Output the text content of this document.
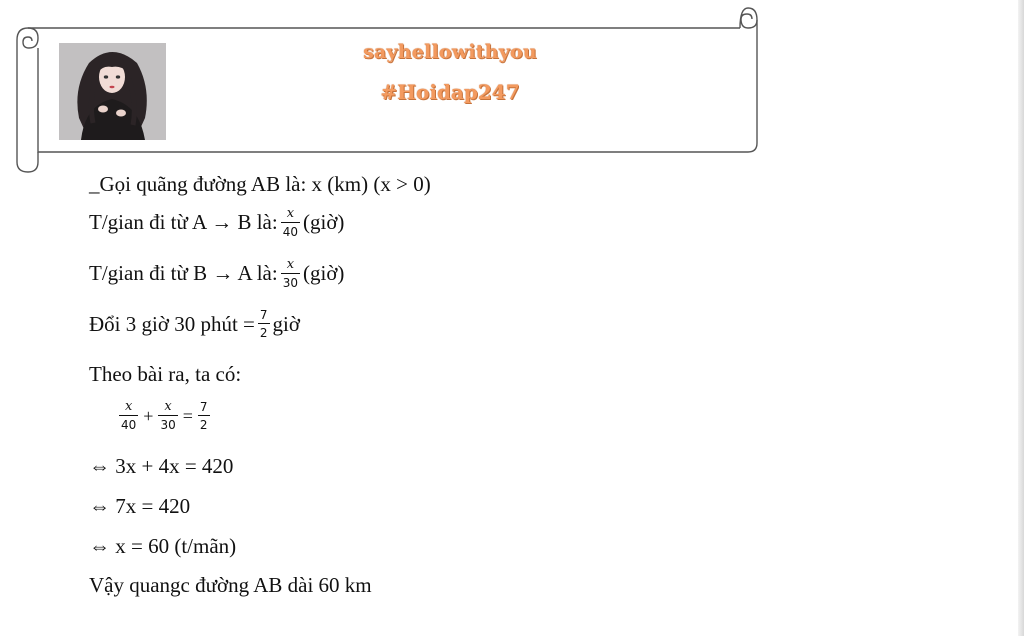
sayhellowithyou
#Hoidap247
_Gọi quãng đường AB là: x (km) (x > 0)
T/gian đi từ A → B là: $\frac{x}{40}$ (giờ)
T/gian đi từ B → A là: $\frac{x}{30}$ (giờ)
Đổi 3 giờ 30 phút = $\frac{7}{2}$ giờ
Theo bài ra, ta có:
$\frac{x}{40} + \frac{x}{30} = \frac{7}{2}$
⇔ 3x + 4x = 420
⇔ 7x = 420
⇔ x = 60 (t/mãn)
Vậy quangc đường AB dài 60 km
